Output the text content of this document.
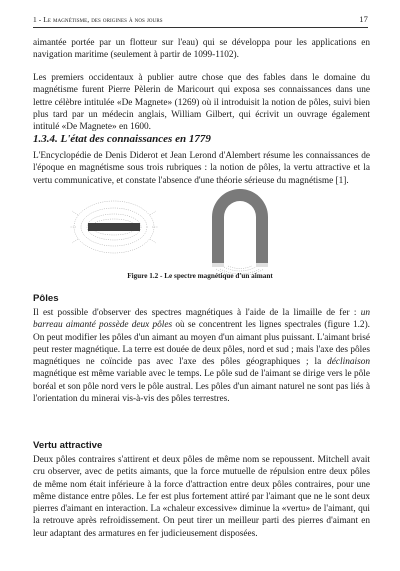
1 - Le magnétisme, des origines à nos jours	17

aimantée portée par un flotteur sur l'eau) qui se développa pour les applications en navigation maritime (seulement à partir de 1099-1102).

Les premiers occidentaux à publier autre chose que des fables dans le domaine du magnétisme furent Pierre Pèlerin de Maricourt qui exposa ses connaissances dans une lettre célèbre intitulée «De Magnete» (1269) où il introduisit la notion de pôles, suivi bien plus tard par un médecin anglais, William Gilbert, qui écrivit un ouvrage également intitulé «De Magnete» en 1600.

1.3.4. L'état des connaissances en 1779

L'Encyclopédie de Denis Diderot et Jean Lerond d'Alembert résume les connaissances de l'époque en magnétisme sous trois rubriques : la notion de pôles, la vertu attractive et la vertu communicative, et constate l'absence d'une théorie sérieuse du magnétisme [1].

Figure 1.2 - Le spectre magnétique d'un aimant
Pôles

Il est possible d'observer des spectres magnétiques à l'aide de la limaille de fer : un barreau aimanté possède deux pôles où se concentrent les lignes spectrales (figure 1.2). On peut modifier les pôles d'un aimant au moyen d'un aimant plus puissant. L'aimant brisé peut rester magnétique. La terre est douée de deux pôles, nord et sud ; mais l'axe des pôles magnétiques ne coïncide pas avec l'axe des pôles géographiques ; la déclinaison magnétique est même variable avec le temps. Le pôle sud de l'aimant se dirige vers le pôle boréal et son pôle nord vers le pôle austral. Les pôles d'un aimant naturel ne sont pas liés à l'orientation du minerai vis-à-vis des pôles terrestres.

Vertu attractive

Deux pôles contraires s'attirent et deux pôles de même nom se repoussent. Mitchell avait cru observer, avec de petits aimants, que la force mutuelle de répulsion entre deux pôles de même nom était inférieure à la force d'attraction entre deux pôles contraires, pour une même distance entre pôles. Le fer est plus fortement attiré par l'aimant que ne le sont deux pierres d'aimant en interaction. La «chaleur excessive» diminue la «vertu» de l'aimant, qui la retrouve après refroidissement. On peut tirer un meilleur parti des pierres d'aimant en leur adaptant des armatures en fer judicieusement disposées.
